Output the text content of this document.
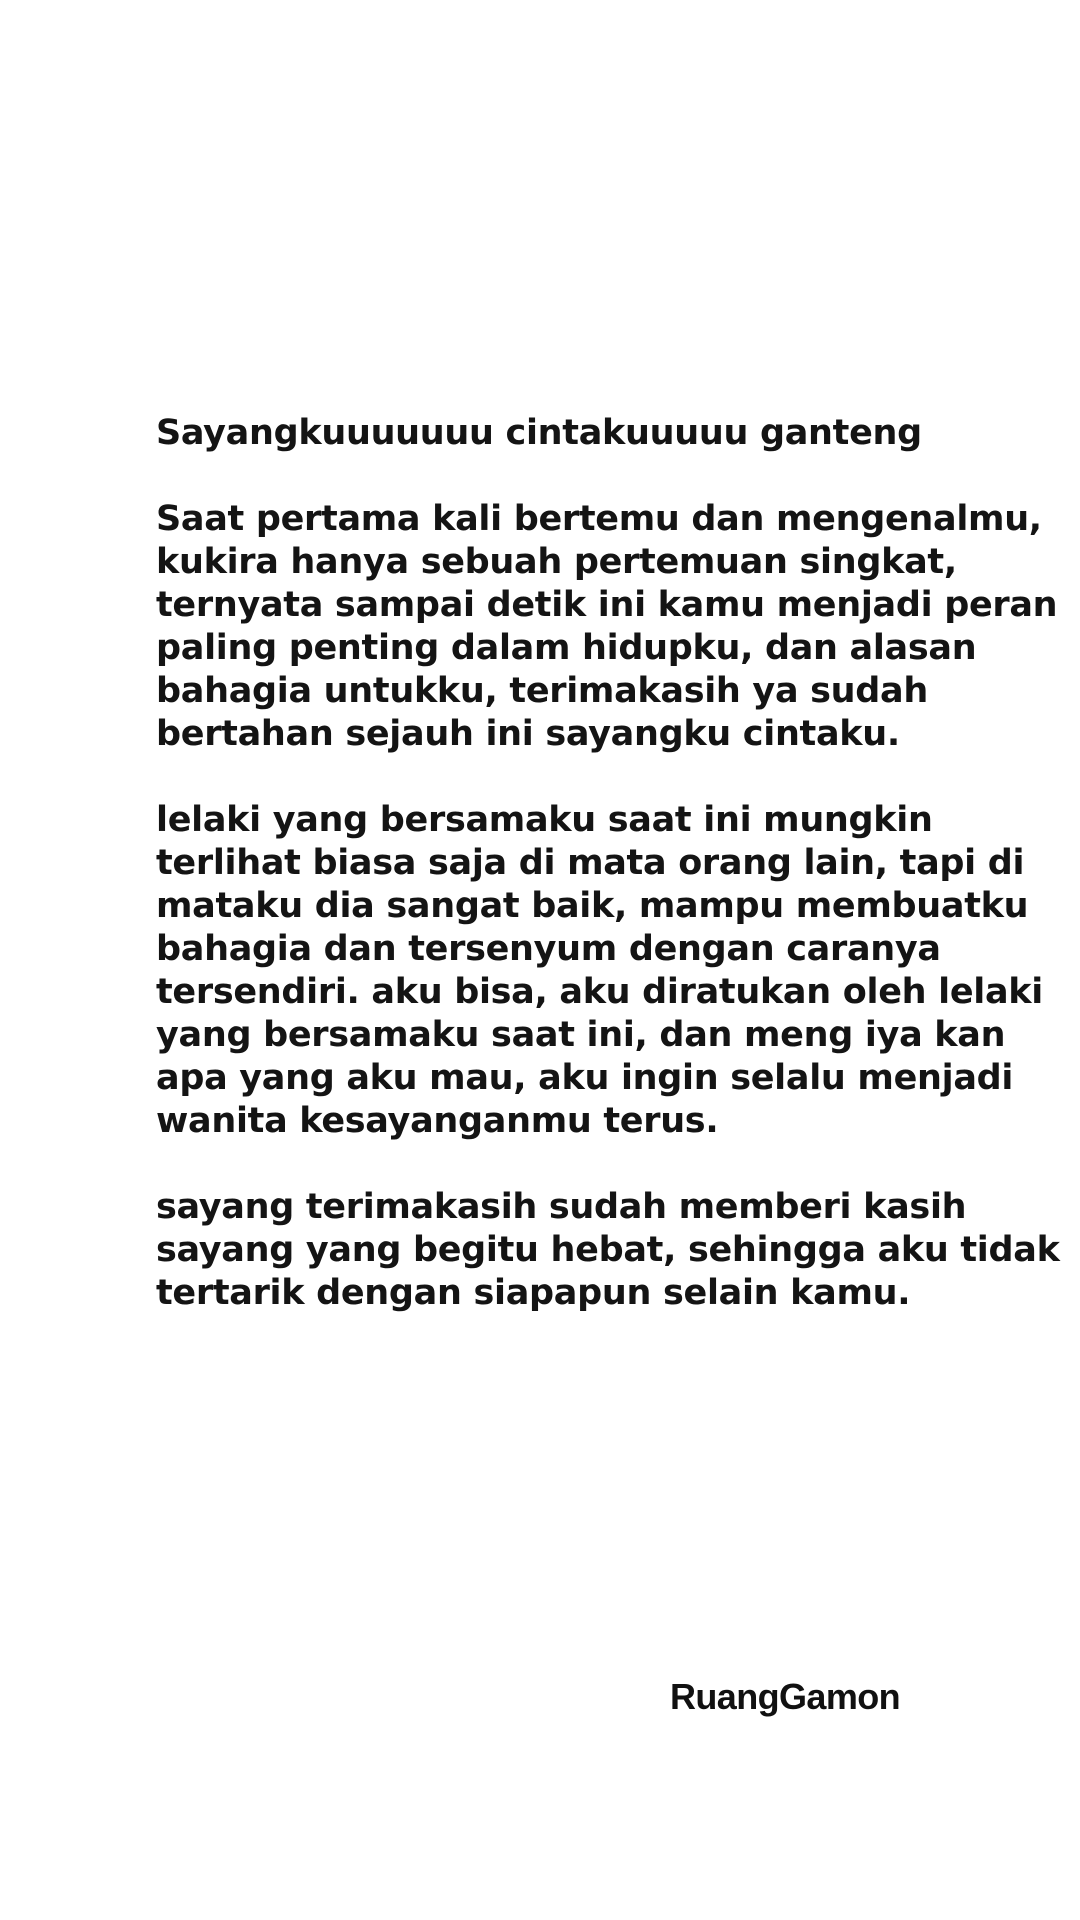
Sayangkuuuuuuu cintakuuuuu ganteng

Saat pertama kali bertemu dan mengenalmu,
kukira hanya sebuah pertemuan singkat,
ternyata sampai detik ini kamu menjadi peran
paling penting dalam hidupku, dan alasan
bahagia untukku, terimakasih ya sudah
bertahan sejauh ini sayangku cintaku.

lelaki yang bersamaku saat ini mungkin
terlihat biasa saja di mata orang lain, tapi di
mataku dia sangat baik, mampu membuatku
bahagia dan tersenyum dengan caranya
tersendiri. aku bisa, aku diratukan oleh lelaki
yang bersamaku saat ini, dan meng iya kan
apa yang aku mau, aku ingin selalu menjadi
wanita kesayanganmu terus.

sayang terimakasih sudah memberi kasih
sayang yang begitu hebat, sehingga aku tidak
tertarik dengan siapapun selain kamu.

RuangGamon
